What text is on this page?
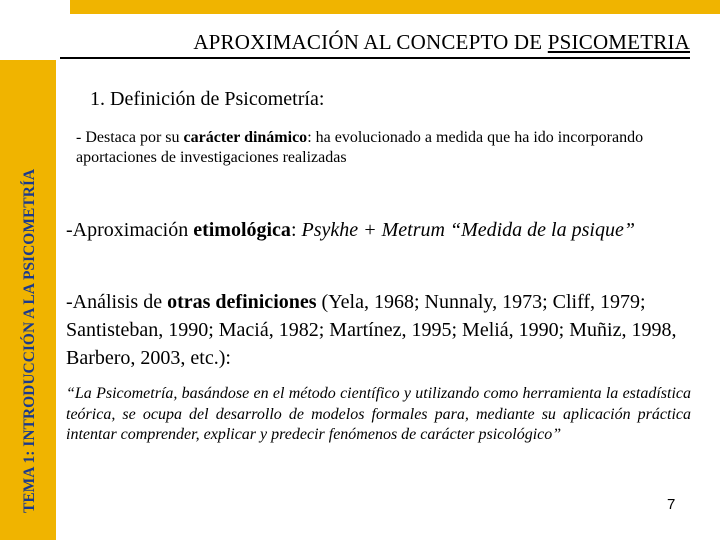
APROXIMACIÓN AL CONCEPTO DE PSICOMETRIA
TEMA 1: INTRODUCCIÓN A LA PSICOMETRÍA
1. Definición de Psicometría:
- Destaca por su carácter dinámico: ha evolucionado a medida que ha ido incorporando aportaciones de investigaciones realizadas
-Aproximación etimológica: Psykhe + Metrum “Medida de la psique”
-Análisis de otras definiciones (Yela, 1968; Nunnaly, 1973; Cliff, 1979; Santisteban, 1990; Maciá, 1982; Martínez, 1995; Meliá, 1990; Muñiz, 1998, Barbero, 2003, etc.):
“La Psicometría, basándose en el método científico y utilizando como herramienta la estadística teórica, se ocupa del desarrollo de modelos formales para, mediante su aplicación práctica intentar comprender, explicar y predecir fenómenos de carácter psicológico”
7
